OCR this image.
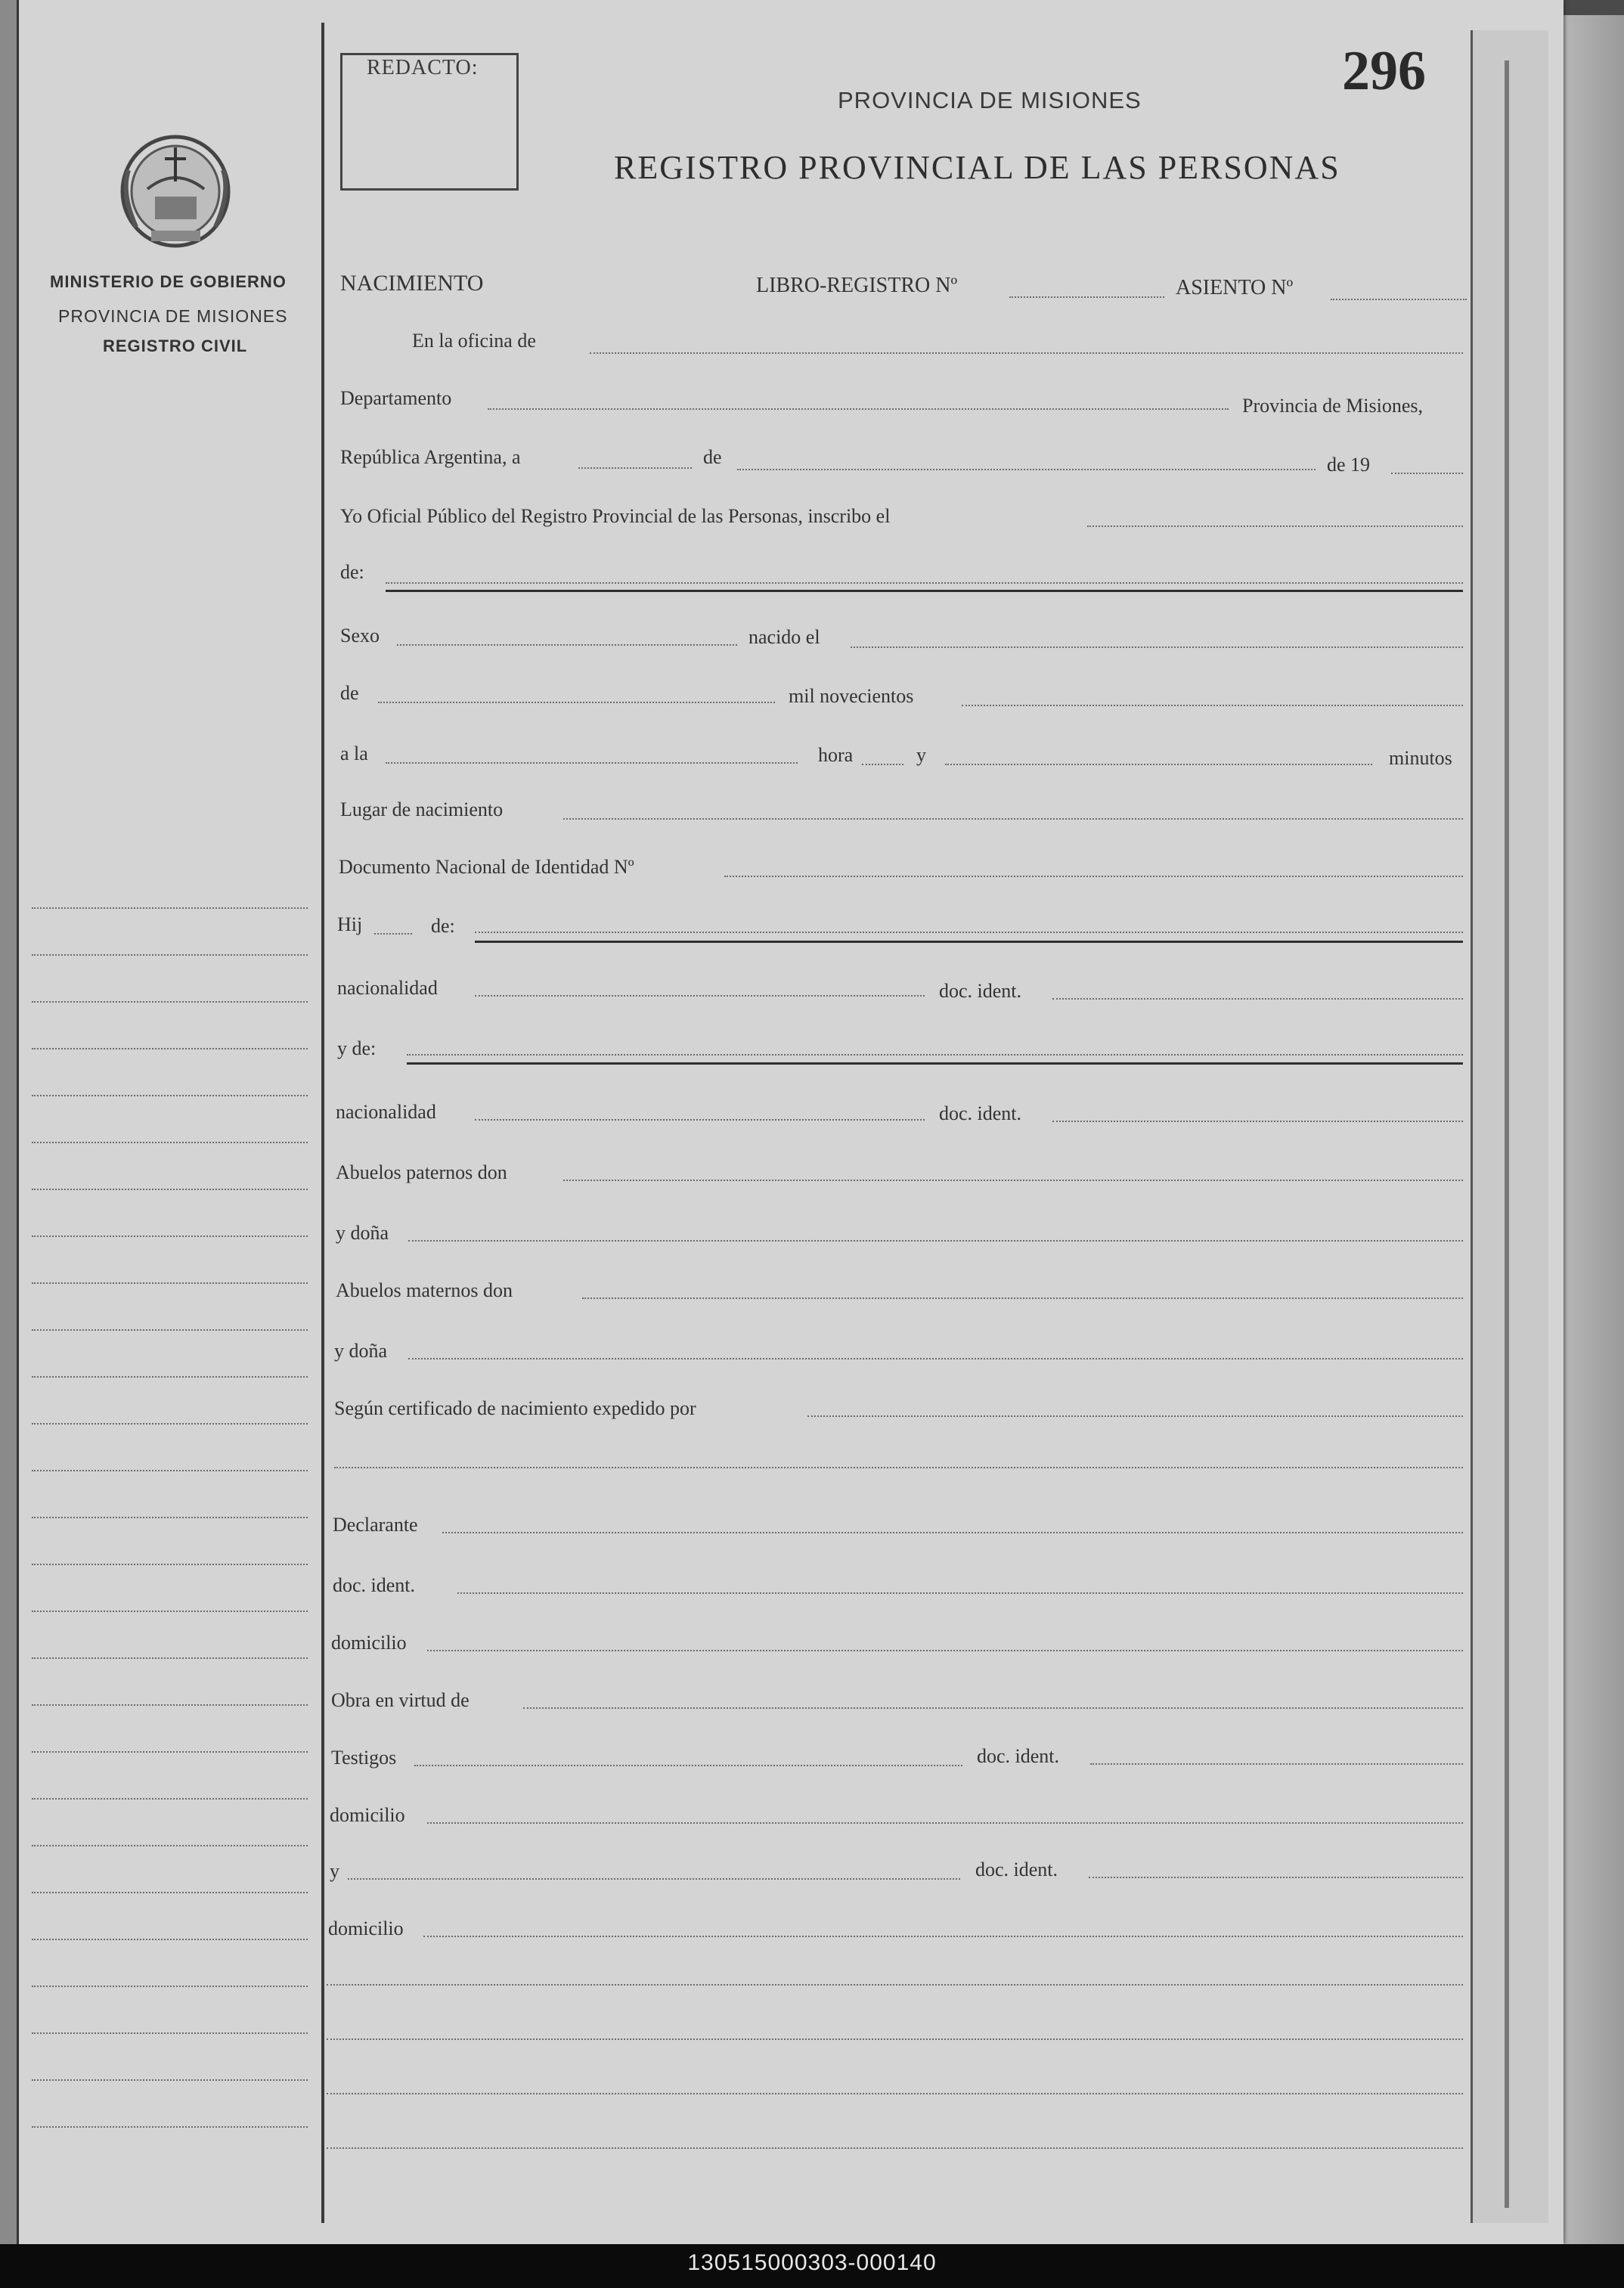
REDACTO:	296
PROVINCIA DE MISIONES
REGISTRO PROVINCIAL DE LAS PERSONAS
MINISTERIO DE GOBIERNO
PROVINCIA DE MISIONES
REGISTRO CIVIL
NACIMIENTO	LIBRO-REGISTRO Nº	ASIENTO Nº
En la oficina de
Departamento	Provincia de Misiones,
República Argentina, a	de	de 19
Yo Oficial Público del Registro Provincial de las Personas, inscribo el
de:
Sexo	nacido el
de	mil novecientos
a la	hora	y	minutos
Lugar de nacimiento
Documento Nacional de Identidad Nº
Hij	de:
nacionalidad	doc. ident.
y de:
nacionalidad	doc. ident.
Abuelos paternos don
y doña
Abuelos maternos don
y doña
Según certificado de nacimiento expedido por
Declarante
doc. ident.
domicilio
Obra en virtud de
Testigos	doc. ident.
domicilio
y	doc. ident.
domicilio
130515000303-000140
